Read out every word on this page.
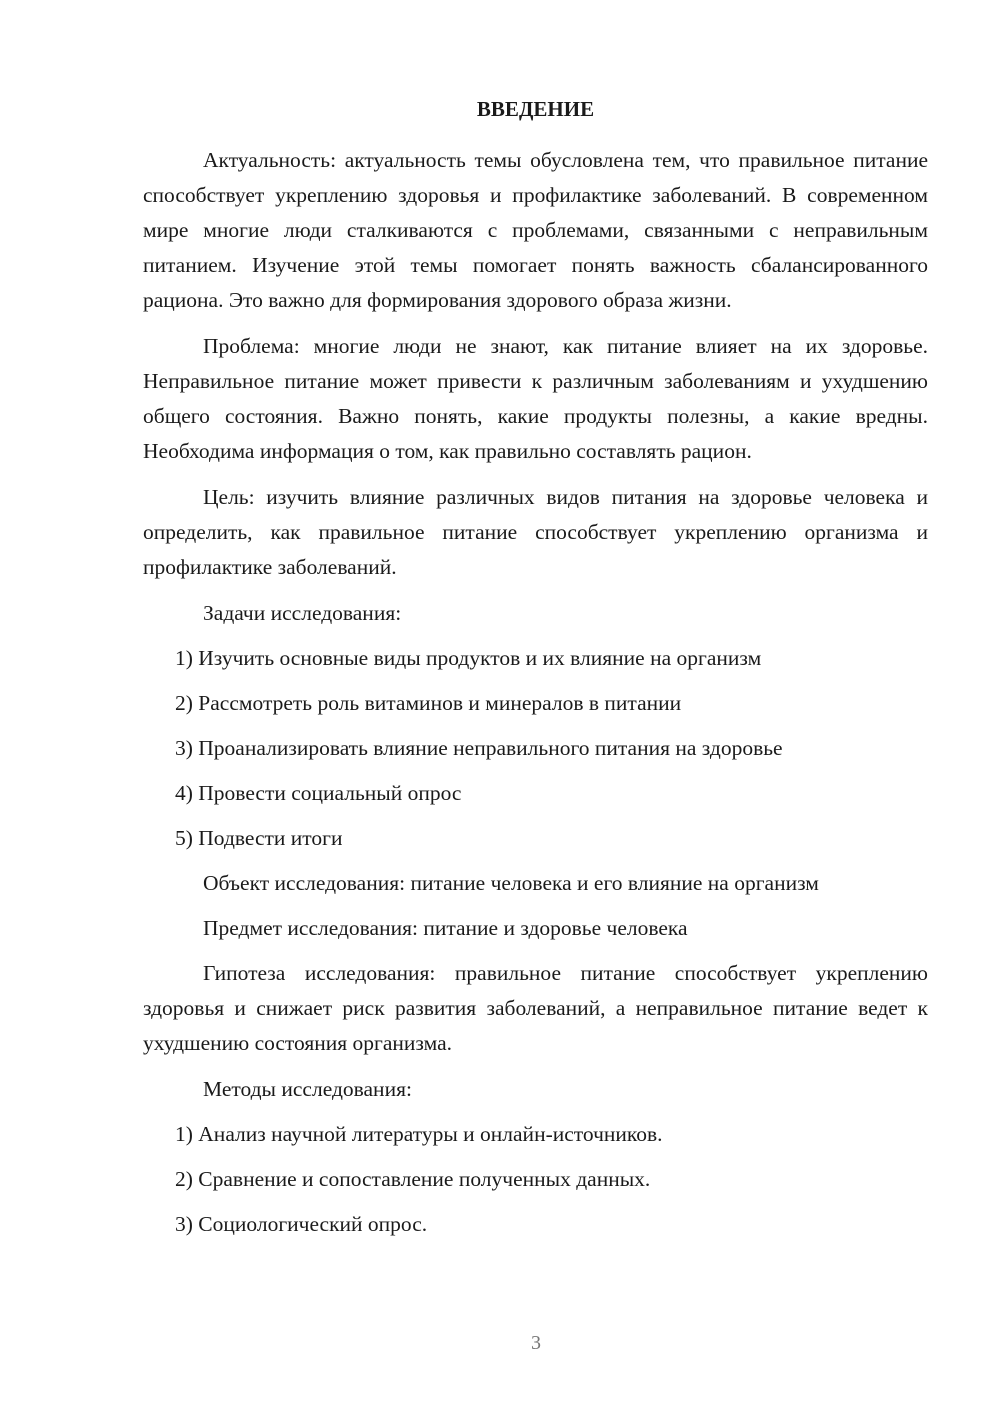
ВВЕДЕНИЕ

Актуальность: актуальность темы обусловлена тем, что правильное питание способствует укреплению здоровья и профилактике заболеваний. В современном мире многие люди сталкиваются с проблемами, связанными с неправильным питанием. Изучение этой темы помогает понять важность сбалансированного рациона. Это важно для формирования здорового образа жизни.

Проблема: многие люди не знают, как питание влияет на их здоровье. Неправильное питание может привести к различным заболеваниям и ухудшению общего состояния. Важно понять, какие продукты полезны, а какие вредны. Необходима информация о том, как правильно составлять рацион.

Цель: изучить влияние различных видов питания на здоровье человека и определить, как правильное питание способствует укреплению организма и профилактике заболеваний.

Задачи исследования:
1) Изучить основные виды продуктов и их влияние на организм
2) Рассмотреть роль витаминов и минералов в питании
3) Проанализировать влияние неправильного питания на здоровье
4) Провести социальный опрос
5) Подвести итоги
Объект исследования: питание человека и его влияние на организм
Предмет исследования: питание и здоровье человека

Гипотеза исследования: правильное питание способствует укреплению здоровья и снижает риск развития заболеваний, а неправильное питание ведет к ухудшению состояния организма.

Методы исследования:
1) Анализ научной литературы и онлайн-источников.
2) Сравнение и сопоставление полученных данных.
3) Социологический опрос.
3
